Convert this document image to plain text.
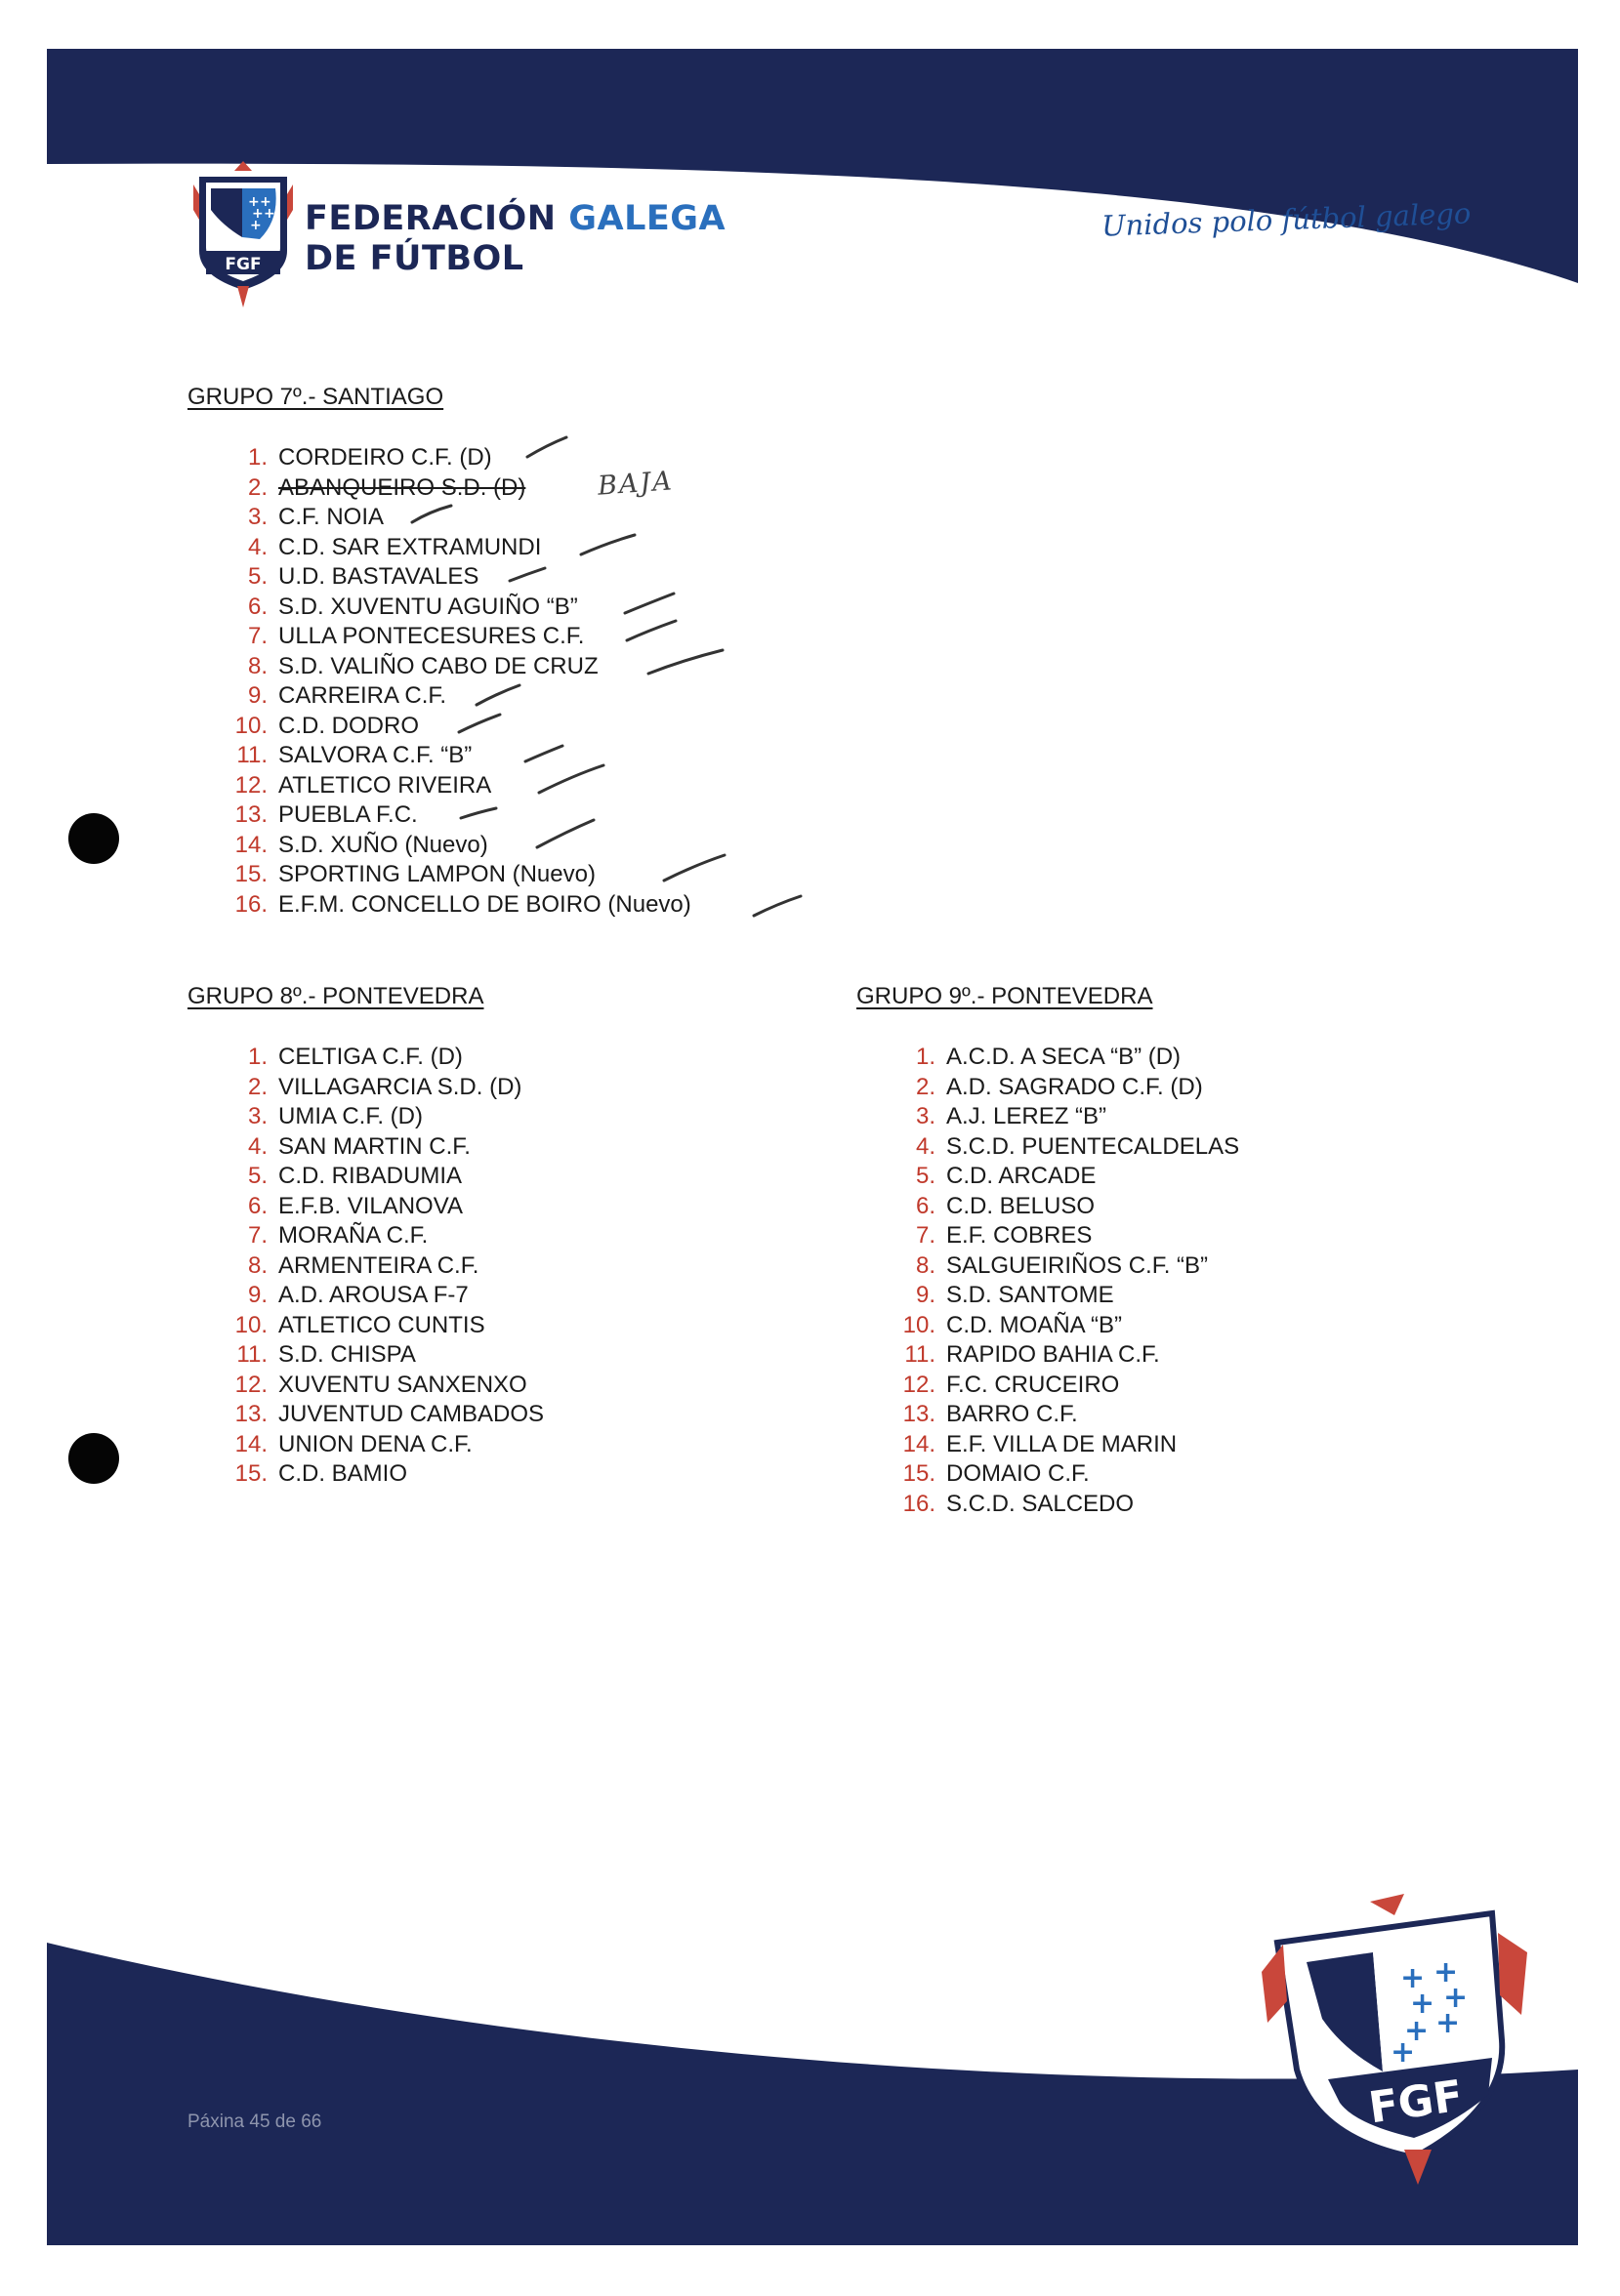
+ +
+ +
+
FGF
FEDERACIÓN GALEGA
DE FÚTBOL
Unidos polo fútbol galego
GRUPO 7º.- SANTIAGO
1. CORDEIRO C.F. (D)
2. ABANQUEIRO S.D. (D)
3. C.F. NOIA
4. C.D. SAR EXTRAMUNDI
5. U.D. BASTAVALES
6. S.D. XUVENTU AGUIÑO “B”
7. ULLA PONTECESURES C.F.
8. S.D. VALIÑO CABO DE CRUZ
9. CARREIRA C.F.
10. C.D. DODRO
11. SALVORA C.F. “B”
12. ATLETICO RIVEIRA
13. PUEBLA F.C.
14. S.D. XUÑO (Nuevo)
15. SPORTING LAMPON (Nuevo)
16. E.F.M. CONCELLO DE BOIRO (Nuevo)
GRUPO 8º.- PONTEVEDRA
1. CELTIGA C.F. (D)
2. VILLAGARCIA S.D. (D)
3. UMIA C.F. (D)
4. SAN MARTIN C.F.
5. C.D. RIBADUMIA
6. E.F.B. VILANOVA
7. MORAÑA C.F.
8. ARMENTEIRA C.F.
9. A.D. AROUSA F-7
10. ATLETICO CUNTIS
11. S.D. CHISPA
12. XUVENTU SANXENXO
13. JUVENTUD CAMBADOS
14. UNION DENA C.F.
15. C.D. BAMIO
GRUPO 9º.- PONTEVEDRA
1. A.C.D. A SECA “B” (D)
2. A.D. SAGRADO C.F. (D)
3. A.J. LEREZ “B”
4. S.C.D. PUENTECALDELAS
5. C.D. ARCADE
6. C.D. BELUSO
7. E.F. COBRES
8. SALGUEIRIÑOS C.F. “B”
9. S.D. SANTOME
10. C.D. MOAÑA “B”
11. RAPIDO BAHIA C.F.
12. F.C. CRUCEIRO
13. BARRO C.F.
14. E.F. VILLA DE MARIN
15. DOMAIO C.F.
16. S.C.D. SALCEDO
BAJA
Páxina 45 de 66
+ +
+ +
+ +
+
FGF
